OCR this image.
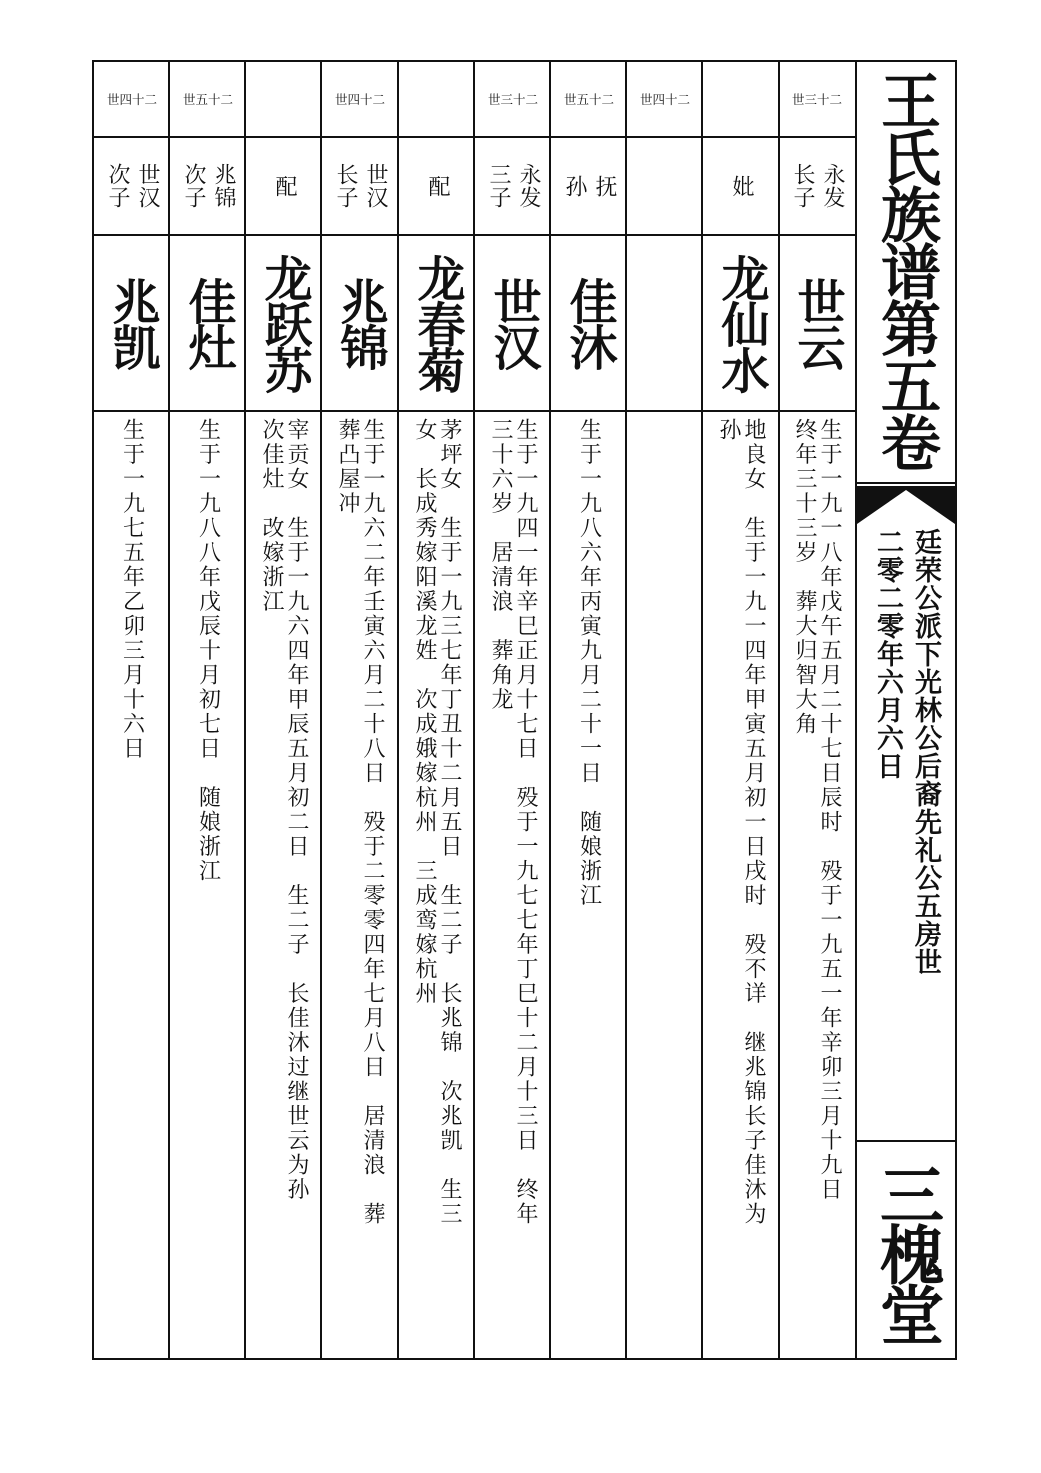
世三十二
永发
长子
世云
生于一九一八年戊午五月二十七日辰时　殁于一九五一年辛卯三月十九日
终年三十三岁　葬大归智大角
妣
龙仙水
地良女　生于一九一四年甲寅五月初一日戌时　殁不详　继兆锦长子佳沐为
孙
世四十二
世五十二
抚
孙
佳沐
生于一九八六年丙寅九月二十一日　随娘浙江
世三十二
永发
三子
世汉
生于一九四一年辛巳正月十七日　殁于一九七七年丁巳十二月十三日　终年
三十六岁　居清浪　葬角龙
配
龙春菊
茅坪女　生于一九三七年丁丑十二月五日　生二子　长兆锦　次兆凯　生三
女　长成秀嫁阳溪龙姓　次成娥嫁杭州　三成鸾嫁杭州
世四十二
世汉
长子
兆锦
生于一九六二年壬寅六月二十八日　殁于二零零四年七月八日　居清浪　葬
葬凸屋冲
配
龙跃苏
宰贡女　生于一九六四年甲辰五月初二日　生二子　长佳沐过继世云为孙
次佳灶　改嫁浙江
世五十二
兆锦
次子
佳灶
生于一九八八年戊辰十月初七日　随娘浙江
世四十二
世汉
次子
兆凯
生于一九七五年乙卯三月十六日
王氏族谱第五卷
廷荣公派下光林公后裔先礼公五房世
二零二零年六月六日
三槐堂
